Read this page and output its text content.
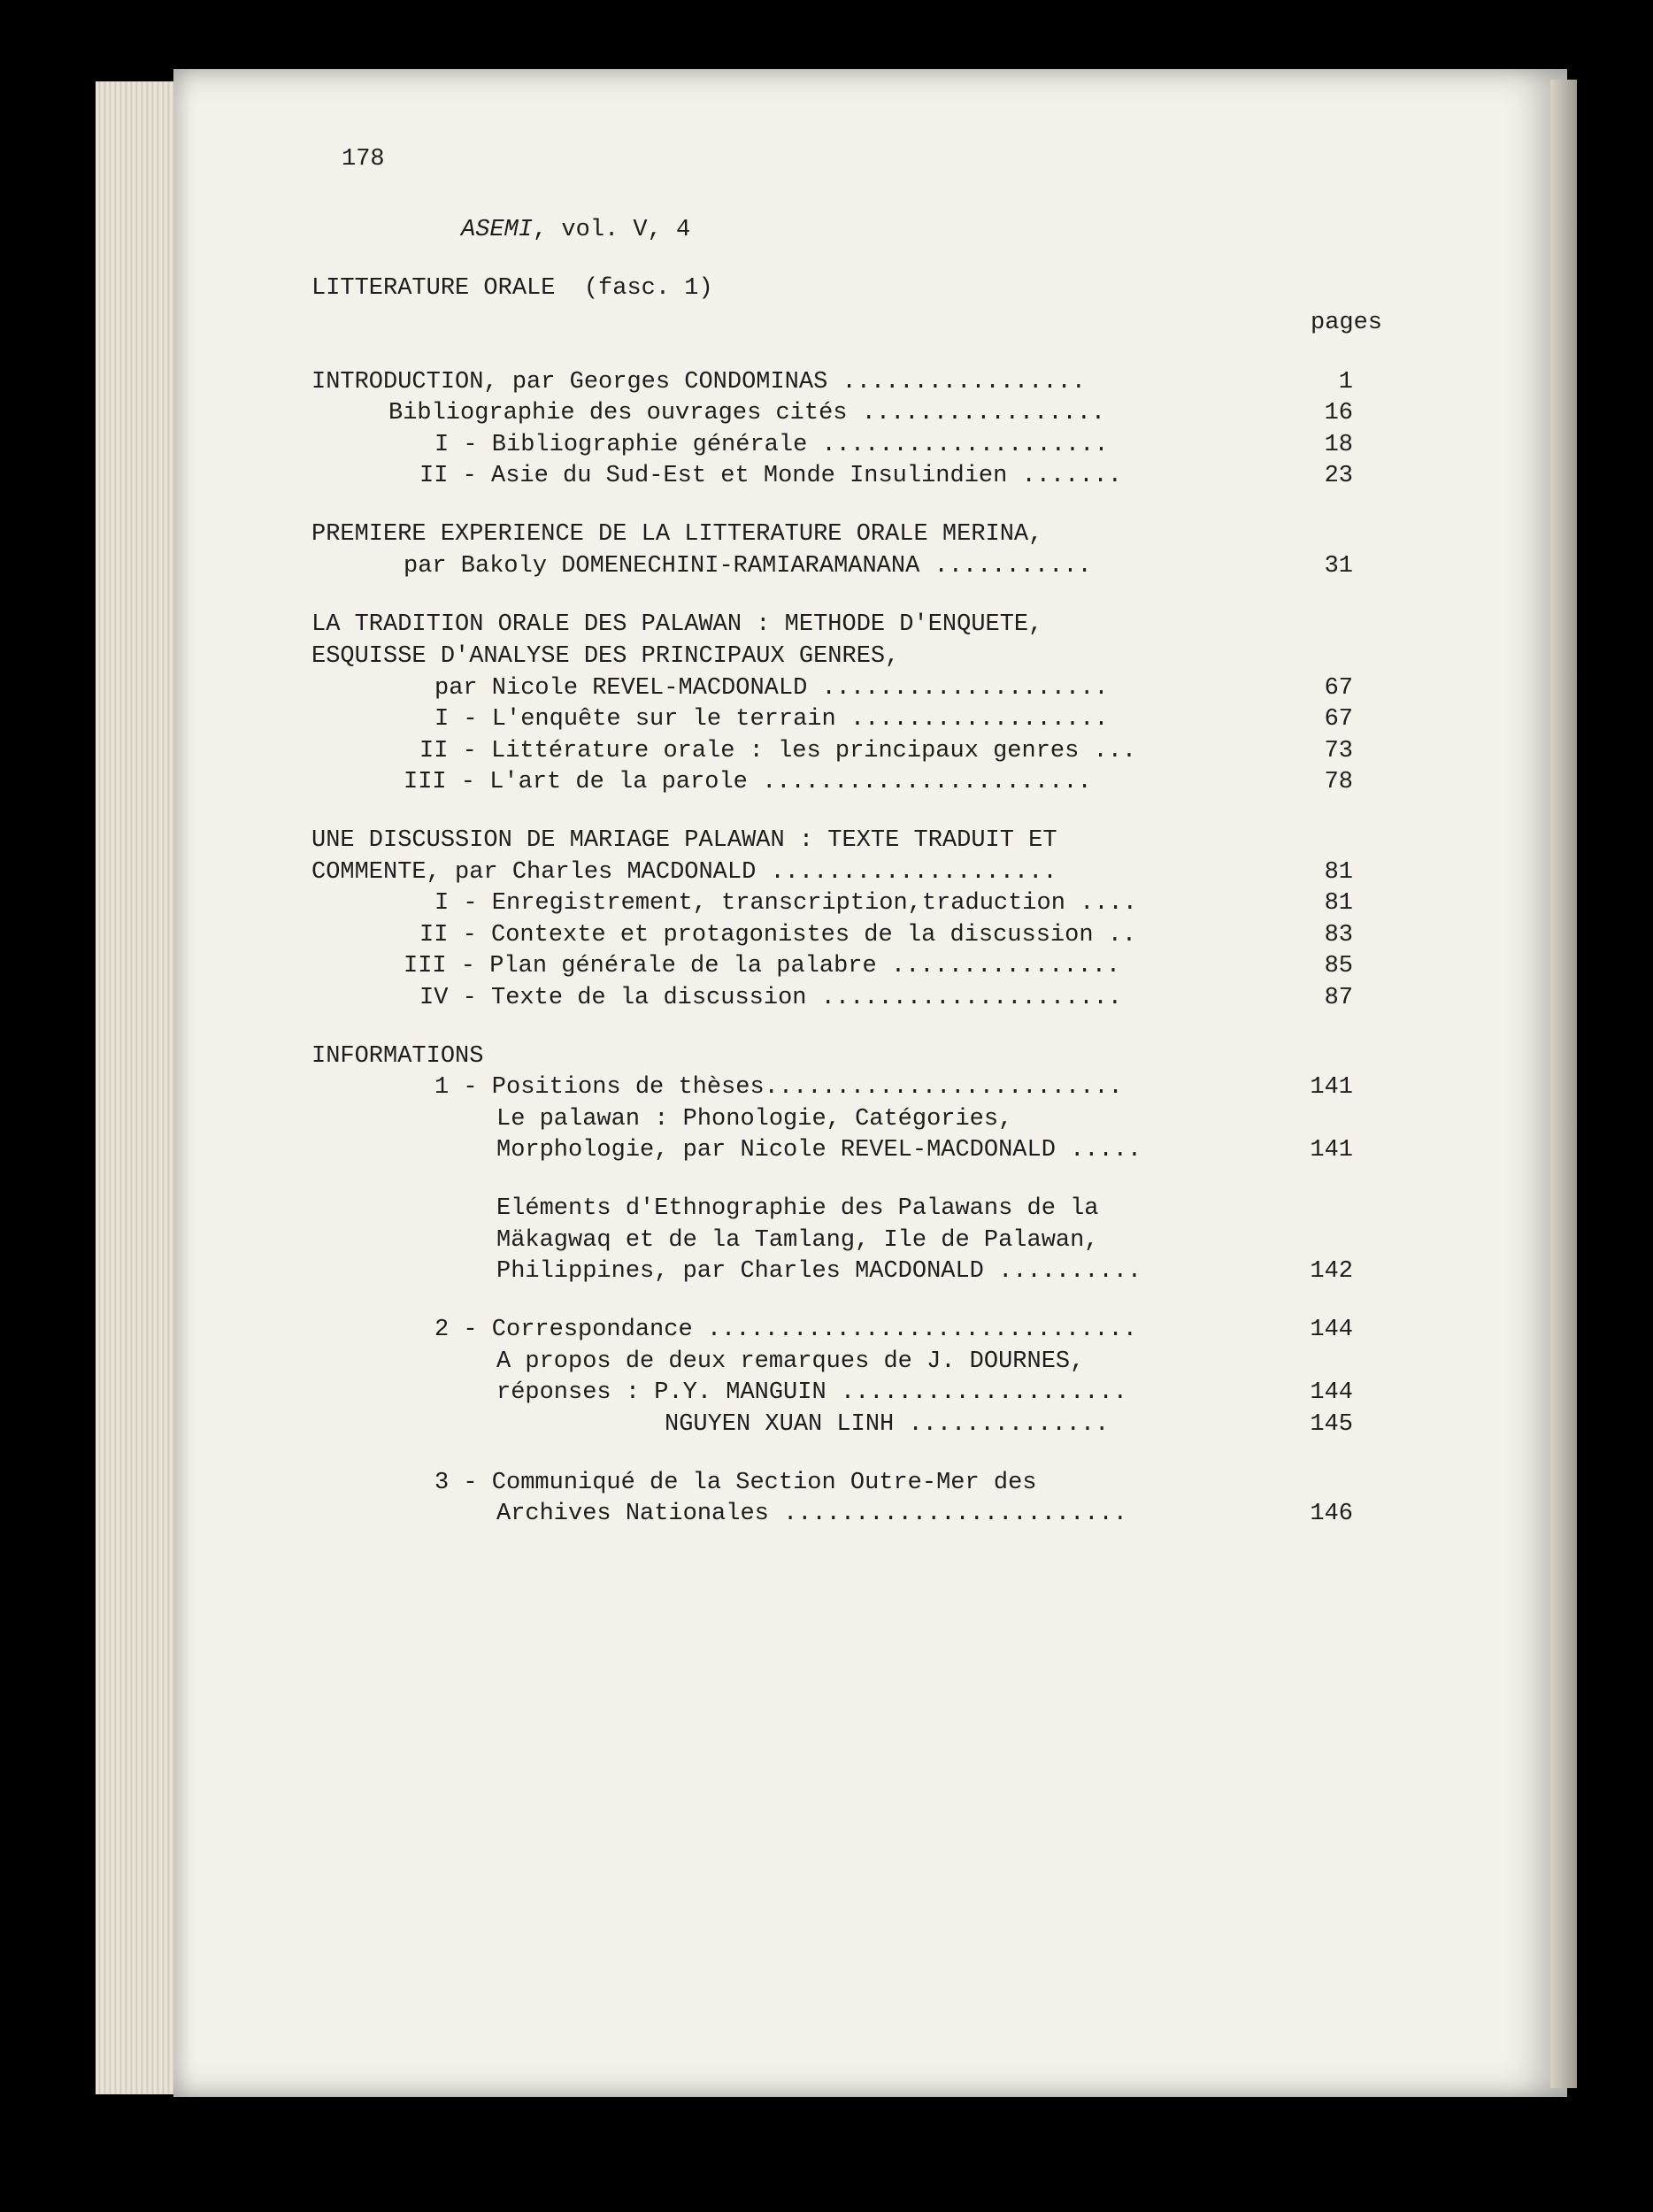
178
ASEMI, vol. V, 4
LITTERATURE ORALE  (fasc. 1)
pages
INTRODUCTION, par Georges CONDOMINAS .................	1
Bibliographie des ouvrages cités .................	16
I - Bibliographie générale ....................	18
II - Asie du Sud-Est et Monde Insulindien .......	23
PREMIERE EXPERIENCE DE LA LITTERATURE ORALE MERINA,
par Bakoly DOMENECHINI-RAMIARAMANANA ...........	31
LA TRADITION ORALE DES PALAWAN : METHODE D'ENQUETE,
ESQUISSE D'ANALYSE DES PRINCIPAUX GENRES,
par Nicole REVEL-MACDONALD ....................	67
I - L'enquête sur le terrain ..................	67
II - Littérature orale : les principaux genres ...	73
III - L'art de la parole .......................	78
UNE DISCUSSION DE MARIAGE PALAWAN : TEXTE TRADUIT ET
COMMENTE, par Charles MACDONALD ....................	81
I - Enregistrement, transcription,traduction ....	81
II - Contexte et protagonistes de la discussion ..	83
III - Plan générale de la palabre ................	85
IV - Texte de la discussion .....................	87
INFORMATIONS
1 - Positions de thèses.........................	141
Le palawan : Phonologie, Catégories,
Morphologie, par Nicole REVEL-MACDONALD .....	141
Eléments d'Ethnographie des Palawans de la
Mäkagwaq et de la Tamlang, Ile de Palawan,
Philippines, par Charles MACDONALD ..........	142
2 - Correspondance ..............................	144
A propos de deux remarques de J. DOURNES,
réponses : P.Y. MANGUIN ....................	144
NGUYEN XUAN LINH ..............	145
3 - Communiqué de la Section Outre-Mer des
Archives Nationales ........................	146
